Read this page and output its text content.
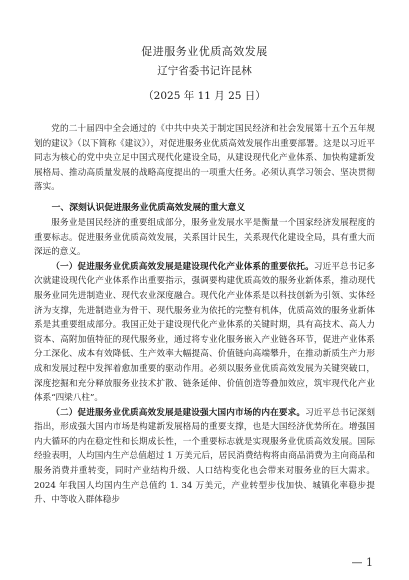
促进服务业优质高效发展
辽宁省委书记许昆林
（2025 年 11 月 25 日）

党的二十届四中全会通过的《中共中央关于制定国民经济和社会发展第十五个五年规划的建议》（以下简称《建议》），对促进服务业优质高效发展作出重要部署。这是以习近平同志为核心的党中央立足中国式现代化建设全局，从建设现代化产业体系、加快构建新发展格局、推动高质量发展的战略高度提出的一项重大任务。必须认真学习领会、坚决贯彻落实。

一、深刻认识促进服务业优质高效发展的重大意义

服务业是国民经济的重要组成部分，服务业发展水平是衡量一个国家经济发展程度的重要标志。促进服务业优质高效发展，关系国计民生，关系现代化建设全局，具有重大而深远的意义。

（一）促进服务业优质高效发展是建设现代化产业体系的重要依托。习近平总书记多次就建设现代化产业体系作出重要指示，强调要构建优质高效的服务业新体系，推动现代服务业同先进制造业、现代农业深度融合。现代化产业体系是以科技创新为引领、实体经济为支撑，先进制造业为骨干、现代服务业为依托的完整有机体，优质高效的服务业新体系是其重要组成部分。我国正处于建设现代化产业体系的关键时期，具有高技术、高人力资本、高附加值特征的现代服务业，通过将专业化服务嵌入产业链各环节，促进产业体系分工深化、成本有效降低、生产效率大幅提高、价值链向高端攀升，在推动新质生产力形成和发展过程中发挥着愈加重要的驱动作用。必须以服务业优质高效发展为关键突破口，深度挖掘和充分释放服务业技术扩散、链条延伸、价值创造等叠加效应，筑牢现代化产业体系“四梁八柱”。

（二）促进服务业优质高效发展是建设强大国内市场的内在要求。习近平总书记深刻指出，形成强大国内市场是构建新发展格局的重要支撑，也是大国经济优势所在。增强国内大循环的内在稳定性和长期成长性，一个重要标志就是实现服务业优质高效发展。国际经验表明，人均国内生产总值超过 1 万美元后，居民消费结构将由商品消费为主向商品和服务消费并重转变，同时产业结构升级、人口结构变化也会带来对服务业的巨大需求。2024 年我国人均国内生产总值约 1. 34 万美元，产业转型步伐加快、城镇化率稳步提升、中等收入群体稳步

— 1
